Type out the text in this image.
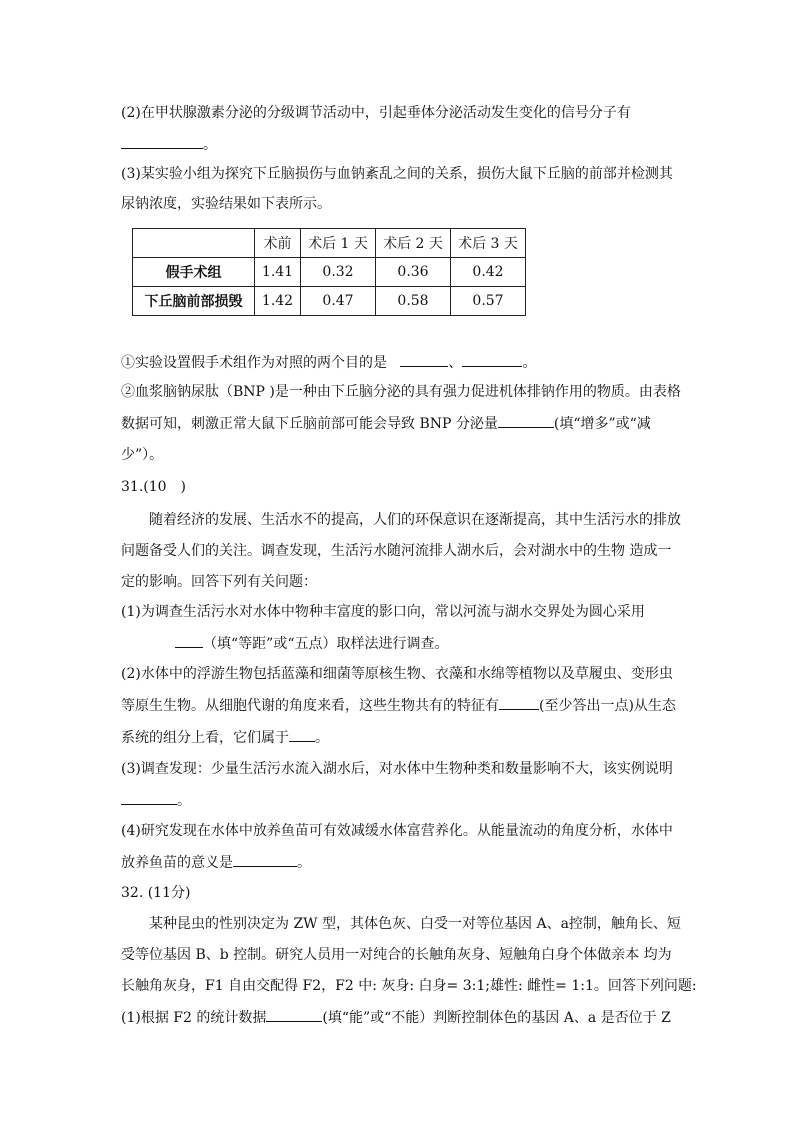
(2)在甲状腺激素分泌的分级调节活动中，引起垂体分泌活动发生变化的信号分子有
。
(3)某实验小组为探究下丘脑损伤与血钠紊乱之间的关系，损伤大鼠下丘脑的前部并检测其
尿钠浓度，实验结果如下表所示。
	术前	术后 1 天	术后 2 天	术后 3 天
假手术组	1.41	0.32	0.36	0.42
下丘脑前部损毁	1.42	0.47	0.58	0.57
①实验设置假手术组作为对照的两个目的是	、	。
②血浆脑钠尿肽（BNP )是一种由下丘脑分泌的具有强力促进机体排钠作用的物质。由表格
数据可知，刺激正常大鼠下丘脑前部可能会导致 BNP 分泌量	(填“增多”或“减
少”）。
31.(10　)
随着经济的发展、生活水不的提高，人们的环保意识在逐渐提高，其中生活污水的排放
问题备受人们的关注。调查发现，生活污水随河流排人湖水后，会对湖水中的生物 造成一
定的影响。回答下列有关问题：
(1)为调查生活污水对水体中物种丰富度的影口向，常以河流与湖水交界处为圆心采用
（填“等距”或“五点）取样法进行调查。
(2)水体中的浮游生物包括蓝藻和细菌等原核生物、衣藻和水绵等植物以及草履虫、变形虫
等原生生物。从细胞代谢的角度来看，这些生物共有的特征有	(至少答出一点)从生态
系统的组分上看，它们属于 。
(3)调查发现：少量生活污水流入湖水后，对水体中生物种类和数量影响不大，该实例说明
。
(4)研究发现在水体中放养鱼苗可有效减缓水体富营养化。从能量流动的角度分析，水体中
放养鱼苗的意义是	。
32. (11分)
某种昆虫的性别决定为 ZW 型，其体色灰、白受一对等位基因 A、a控制，触角长、短
受等位基因 B、b 控制。研究人员用一对纯合的长触角灰身、短触角白身个体做亲本 均为
长触角灰身，F1 自由交配得 F2，F2 中: 灰身: 白身= 3:1;雄性: 雌性= 1:1。回答下列问题:
(1)根据 F2 的统计数据	(填“能”或“不能）判断控制体色的基因 A、a 是否位于 Z
